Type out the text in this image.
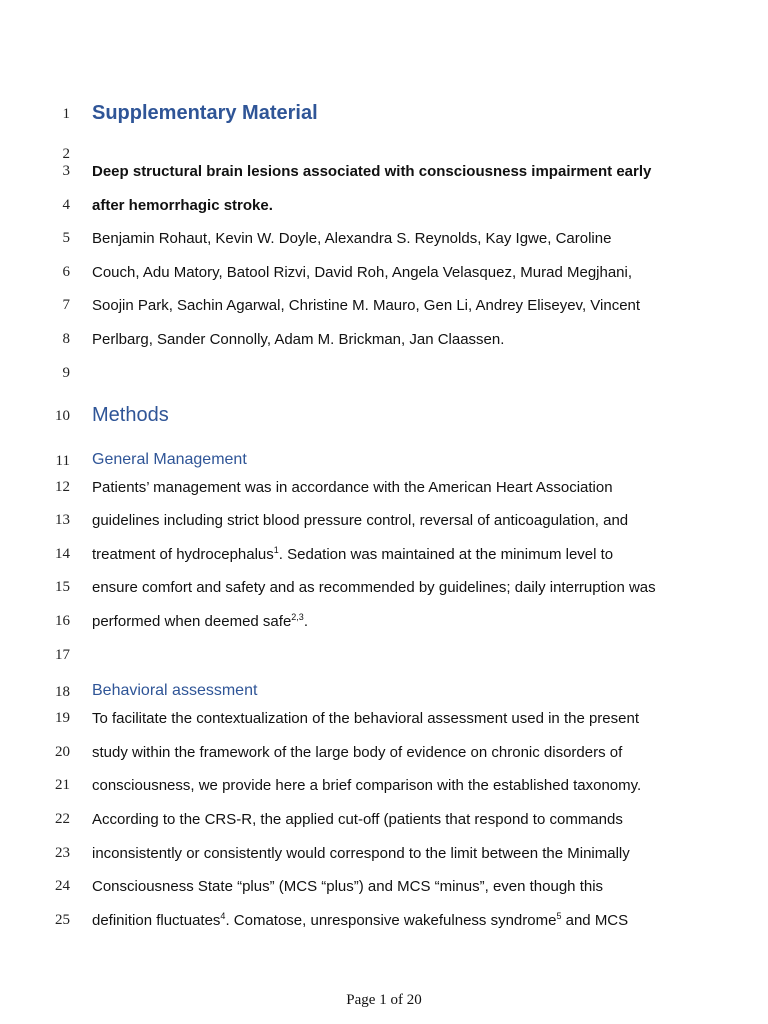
1
2
3
4
5
6
7
8
9
10
11
12
13
14
15
16
17
18
19
20
21
22
23
24
25
Supplementary Material
Deep structural brain lesions associated with consciousness impairment early
after hemorrhagic stroke.
Benjamin Rohaut, Kevin W. Doyle, Alexandra S. Reynolds, Kay Igwe, Caroline
Couch, Adu Matory, Batool Rizvi, David Roh, Angela Velasquez, Murad Megjhani,
Soojin Park, Sachin Agarwal, Christine M. Mauro, Gen Li, Andrey Eliseyev, Vincent
Perlbarg, Sander Connolly, Adam M. Brickman, Jan Claassen.
Methods
General Management
Patients’ management was in accordance with the American Heart Association
guidelines including strict blood pressure control, reversal of anticoagulation, and
treatment of hydrocephalus$^1$. Sedation was maintained at the minimum level to
ensure comfort and safety and as recommended by guidelines; daily interruption was
performed when deemed safe$^{2,3}$.
Behavioral assessment
To facilitate the contextualization of the behavioral assessment used in the present
study within the framework of the large body of evidence on chronic disorders of
consciousness, we provide here a brief comparison with the established taxonomy.
According to the CRS-R, the applied cut-off (patients that respond to commands
inconsistently or consistently would correspond to the limit between the Minimally
Consciousness State “plus” (MCS “plus”) and MCS “minus”, even though this
definition fluctuates$^4$. Comatose, unresponsive wakefulness syndrome$^5$ and MCS
Page 1 of 20
